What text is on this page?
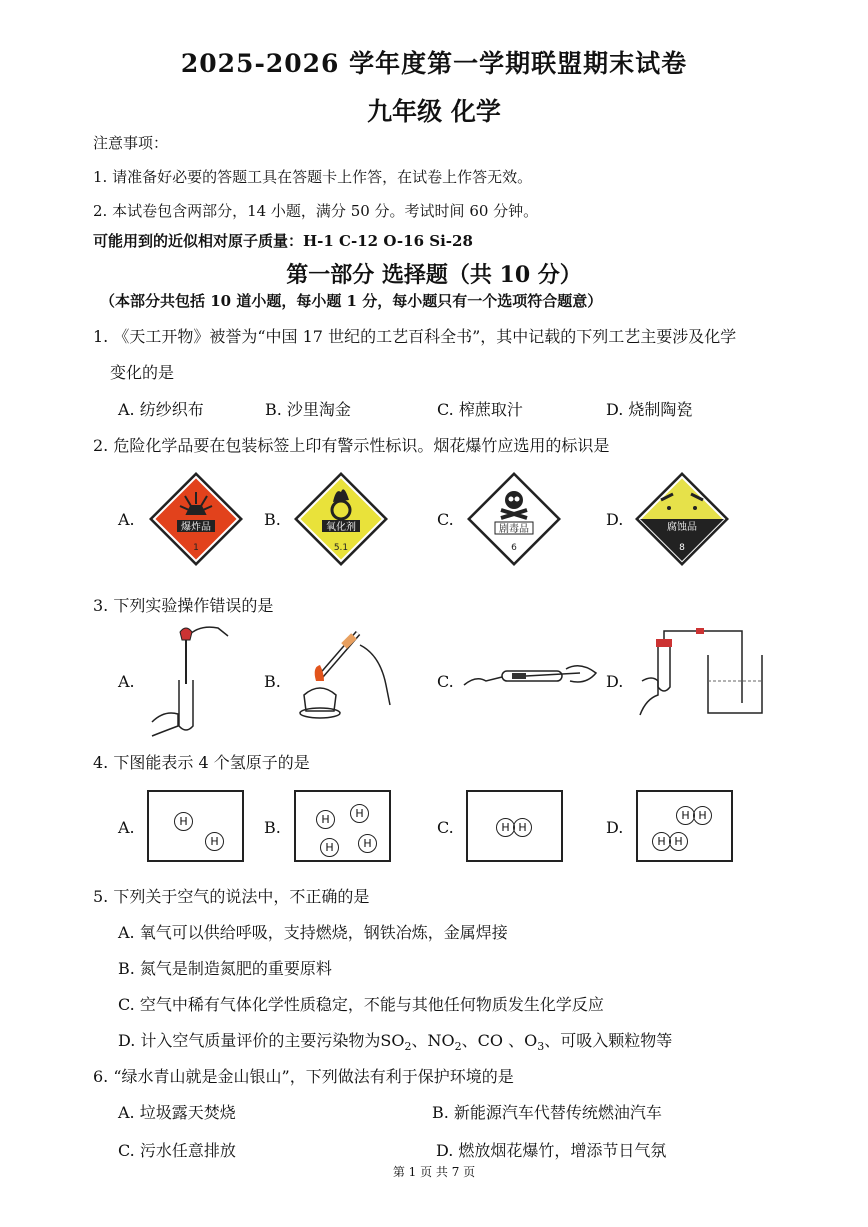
2025-2026 学年度第一学期联盟期末试卷
九年级 化学
注意事项：
1. 请准备好必要的答题工具在答题卡上作答，在试卷上作答无效。
2. 本试卷包含两部分，14 小题，满分 50 分。考试时间 60 分钟。
可能用到的近似相对原子质量：H-1 C-12 O-16 Si-28
第一部分 选择题（共 10 分）
（本部分共包括 10 道小题，每小题 1 分，每小题只有一个选项符合题意）
1. 《天工开物》被誉为“中国 17 世纪的工艺百科全书”，其中记载的下列工艺主要涉及化学
变化的是
A. 纺纱织布	B. 沙里淘金	C. 榨蔗取汁	D. 烧制陶瓷
2. 危险化学品要在包装标签上印有警示性标识。烟花爆竹应选用的标识是
A.	B.	C.	D.
爆炸品
1
氧化剂
5.1
剧毒品
6
腐蚀品
8
3. 下列实验操作错误的是
A.	B.	C.	D.
4. 下图能表示 4 个氢原子的是
A.	B.	C.	D.
H
H
H	H
H	H
H H
H H
H H
5. 下列关于空气的说法中，不正确的是
A. 氧气可以供给呼吸，支持燃烧，钢铁冶炼，金属焊接
B. 氮气是制造氮肥的重要原料
C. 空气中稀有气体化学性质稳定，不能与其他任何物质发生化学反应
D. 计入空气质量评价的主要污染物为$SO_2$、$NO_2$、CO 、$O_3$、可吸入颗粒物等
6. “绿水青山就是金山银山”，下列做法有利于保护环境的是
A. 垃圾露天焚烧	B. 新能源汽车代替传统燃油汽车
C. 污水任意排放	D. 燃放烟花爆竹，增添节日气氛
第 1 页 共 7 页
